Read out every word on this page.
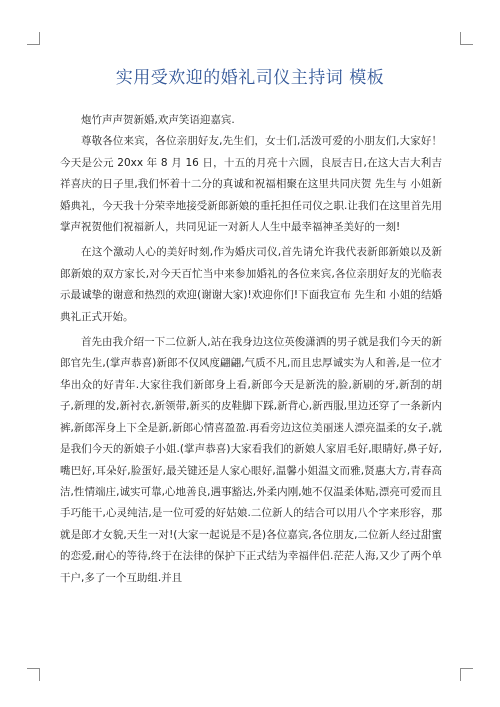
实用受欢迎的婚礼司仪主持词 模板

炮竹声声贺新婚,欢声笑语迎嘉宾.

尊敬各位来宾，各位亲朋好友,先生们，女士们,活泼可爱的小朋友们,大家好！今天是公元 20xx 年 8 月 16 日，十五的月亮十六圆，良辰吉日,在这大吉大利吉祥喜庆的日子里,我们怀着十二分的真诚和祝福相聚在这里共同庆贺 先生与 小姐新婚典礼，今天我十分荣幸地接受新郎新娘的重托担任司仪之职.让我们在这里首先用掌声祝贺他们祝福新人，共同见证一对新人人生中最幸福神圣美好的一刻!

在这个激动人心的美好时刻,作为婚庆司仪,首先请允许我代表新郎新娘以及新郎新娘的双方家长,对今天百忙当中来参加婚礼的各位来宾,各位亲朋好友的光临表示最诚挚的谢意和热烈的欢迎(谢谢大家)!欢迎你们!下面我宣布 先生和 小姐的结婚典礼正式开始。

首先由我介绍一下二位新人,站在我身边这位英俊潇洒的男子就是我们今天的新郎官先生,(掌声恭喜)新郎不仅风度翩翩,气质不凡,而且忠厚诚实为人和善,是一位才华出众的好青年.大家往我们新郎身上看,新郎今天是新洗的脸,新刷的牙,新刮的胡子,新理的发,新衬衣,新领带,新买的皮鞋脚下踩,新背心,新西服,里边还穿了一条新内裤,新郎浑身上下全是新,新郎心情喜盈盈.再看旁边这位美丽迷人漂亮温柔的女子,就是我们今天的新娘子小姐.(掌声恭喜)大家看我们的新娘人家眉毛好,眼睛好,鼻子好,嘴巴好,耳朵好,脸蛋好,最关键还是人家心眼好,温馨小姐温文而雅,贤惠大方,青春高洁,性情端庄,诚实可靠,心地善良,遇事豁达,外柔内刚,她不仅温柔体贴,漂亮可爱而且手巧能干,心灵纯洁,是一位可爱的好姑娘.二位新人的结合可以用八个字来形容，那就是郎才女貌,天生一对!(大家一起说是不是)各位嘉宾,各位朋友,二位新人经过甜蜜的恋爱,耐心的等待,终于在法律的保护下正式结为幸福伴侣.茫茫人海,又少了两个单干户,多了一个互助组.并且
